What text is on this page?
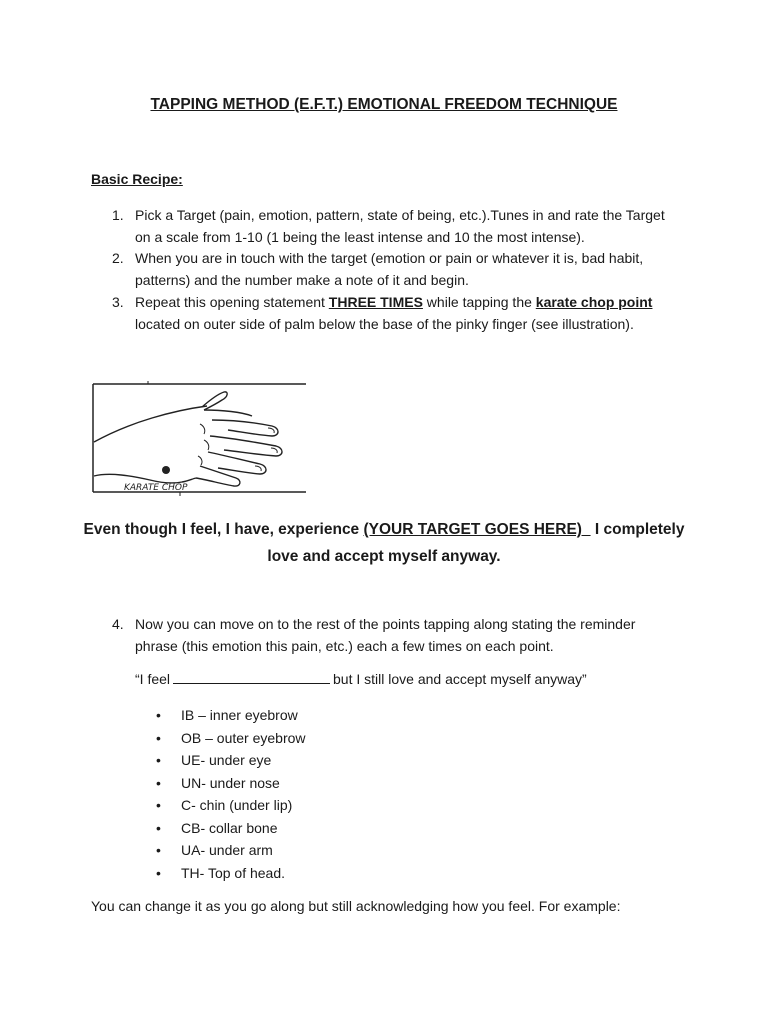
TAPPING METHOD (E.F.T.) EMOTIONAL FREEDOM TECHNIQUE
Basic Recipe:
1. Pick a Target (pain, emotion, pattern, state of being, etc.).Tunes in and rate the Target
on a scale from 1-10 (1 being the least intense and 10 the most intense).
2. When you are in touch with the target (emotion or pain or whatever it is, bad habit,
patterns) and the number make a note of it and begin.
3. Repeat this opening statement THREE TIMES while tapping the karate chop point
located on outer side of palm below the base of the pinky finger (see illustration).
KARATE CHOP
Even though I feel, I have, experience (YOUR TARGET GOES HERE)   I completely
love and accept myself anyway.
4. Now you can move on to the rest of the points tapping along stating the reminder
phrase (this emotion this pain, etc.) each a few times on each point.
“I feel	but I still love and accept myself anyway”
• IB – inner eyebrow
• OB – outer eyebrow
• UE- under eye
• UN- under nose
• C- chin (under lip)
• CB- collar bone
• UA- under arm
• TH- Top of head.
You can change it as you go along but still acknowledging how you feel. For example:
